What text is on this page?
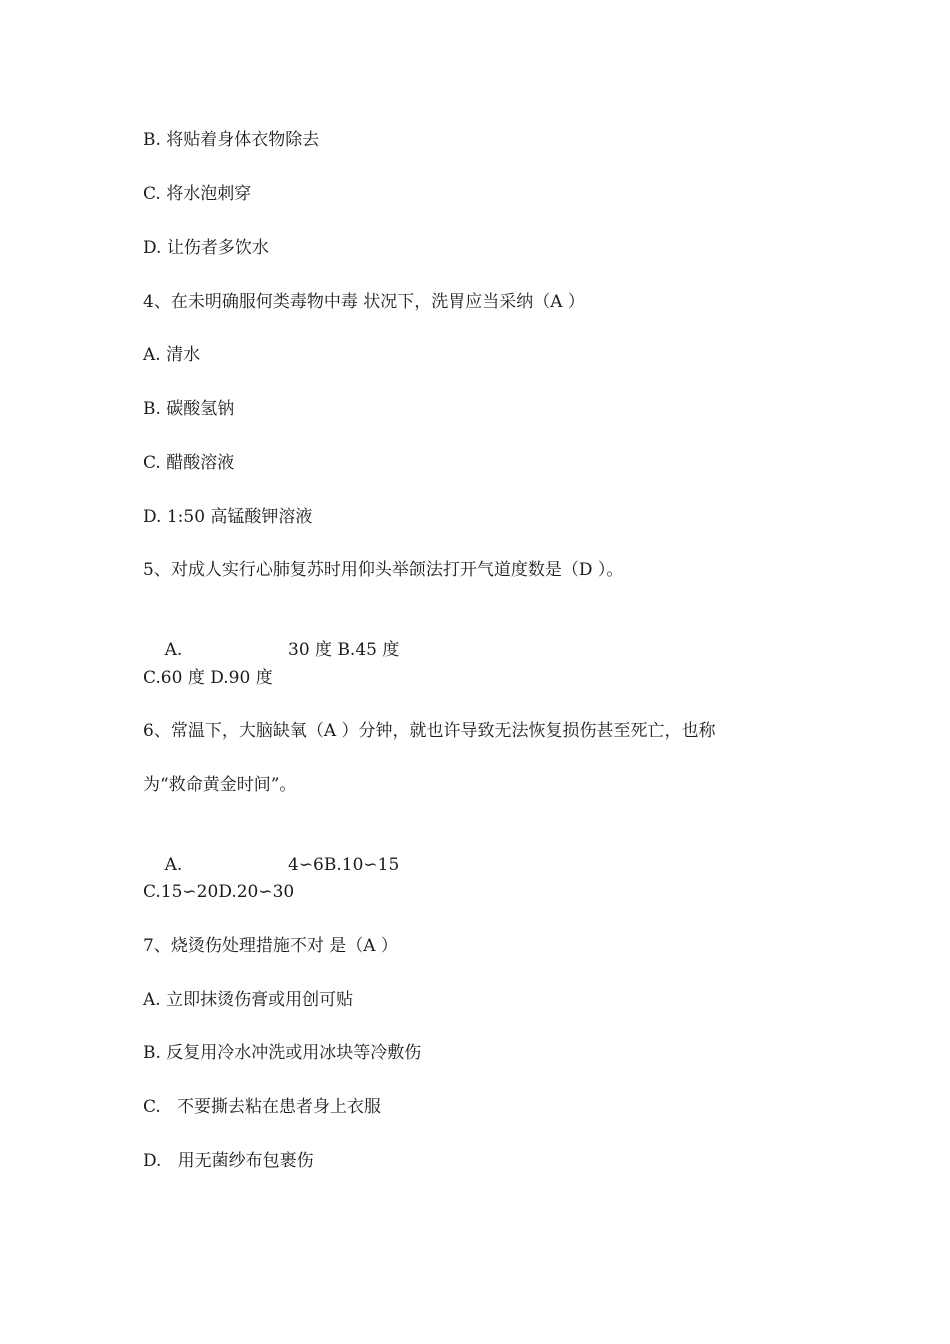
B. 将贴着身体衣物除去
C. 将水泡刺穿
D. 让伤者多饮水
4、在未明确服何类毒物中毒 状况下，洗胃应当采纳（A ）
A. 清水
B. 碳酸氢钠
C. 醋酸溶液
D. 1:50 高锰酸钾溶液
5、对成人实行心肺复苏时用仰头举颌法打开气道度数是（D ）。

A.	30 度 B.45 度

C.60 度 D.90 度
6、常温下，大脑缺氧（A ）分钟，就也许导致无法恢复损伤甚至死亡，也称
为“救命黄金时间”。

A.	4∽6B.10∽15

C.15∽20D.20∽30
7、烧烫伤处理措施不对 是（A ）
A. 立即抹烫伤膏或用创可贴
B. 反复用冷水冲洗或用冰块等冷敷伤
C.   不要撕去粘在患者身上衣服
D.   用无菌纱布包裹伤
